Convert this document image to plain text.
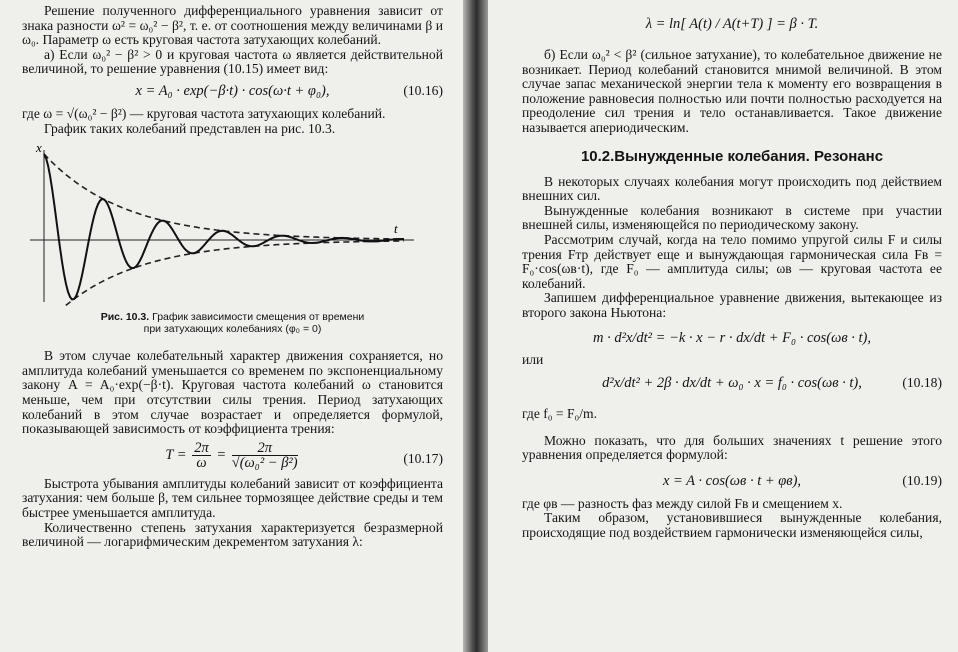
Решение полученного дифференциального уравнения зависит от знака разности ω² = ω₀² − β², т. е. от соотношения между величинами β и ω₀. Параметр ω есть круговая частота затухающих колебаний.

а) Если ω₀² − β² > 0 и круговая частота ω является действительной величиной, то решение уравнения (10.15) имеет вид:

x = A₀ · exp(−β·t) · cos(ω·t + φ₀),	(10.16)

где ω = √(ω₀² − β²) — круговая частота затухающих колебаний.

График таких колебаний представлен на рис. 10.3.

x
t
Рис. 10.3. График зависимости смещения от времени
при затухающих колебаниях (φ₀ = 0)

В этом случае колебательный характер движения сохраняется, но амплитуда колебаний уменьшается со временем по экспоненциальному закону A = A₀·exp(−β·t). Круговая частота колебаний ω становится меньше, чем при отсутствии силы трения. Период затухающих колебаний в этом случае возрастает и определяется формулой, показывающей зависимость от коэффициента трения:

$T = \frac{2\pi}{\omega} = \frac{2\pi}{\text{√(ω₀² − β²)}}$	(10.17)

Быстрота убывания амплитуды колебаний зависит от коэффициента затухания: чем больше β, тем сильнее тормозящее действие среды и тем быстрее уменьшается амплитуда.

Количественно степень затухания характеризуется безразмерной величиной — логарифмическим декрементом затухания λ:

λ = ln[ A(t) / A(t+T) ] = β · T.

б) Если ω₀² < β² (сильное затухание), то колебательное движение не возникает. Период колебаний становится мнимой величиной. В этом случае запас механической энергии тела к моменту его возвращения в положение равновесия полностью или почти полностью расходуется на преодоление сил трения и тело останавливается. Такое движение называется апериодическим.

10.2.Вынужденные колебания. Резонанс

В некоторых случаях колебания могут происходить под действием внешних сил.

Вынужденные колебания возникают в системе при участии внешней силы, изменяющейся по периодическому закону.

Рассмотрим случай, когда на тело помимо упругой силы F и силы трения Fтр действует еще и вынуждающая гармоническая сила Fв = F₀·cos(ωв·t), где F₀ — амплитуда силы; ωв — круговая частота ее колебаний.

Запишем дифференциальное уравнение движения, вытекающее из второго закона Ньютона:

m · d²x/dt² = −k · x − r · dx/dt + F₀ · cos(ωв · t),

или

d²x/dt² + 2β · dx/dt + ω₀ · x = f₀ · cos(ωв · t),	(10.18)

где f₀ = F₀/m.

Можно показать, что для больших значениях t решение этого уравнения определяется формулой:

x = A · cos(ωв · t + φв),	(10.19)

где φв — разность фаз между силой Fв и смещением x.

Таким образом, установившиеся вынужденные колебания, происходящие под воздействием гармонически изменяющейся силы,
